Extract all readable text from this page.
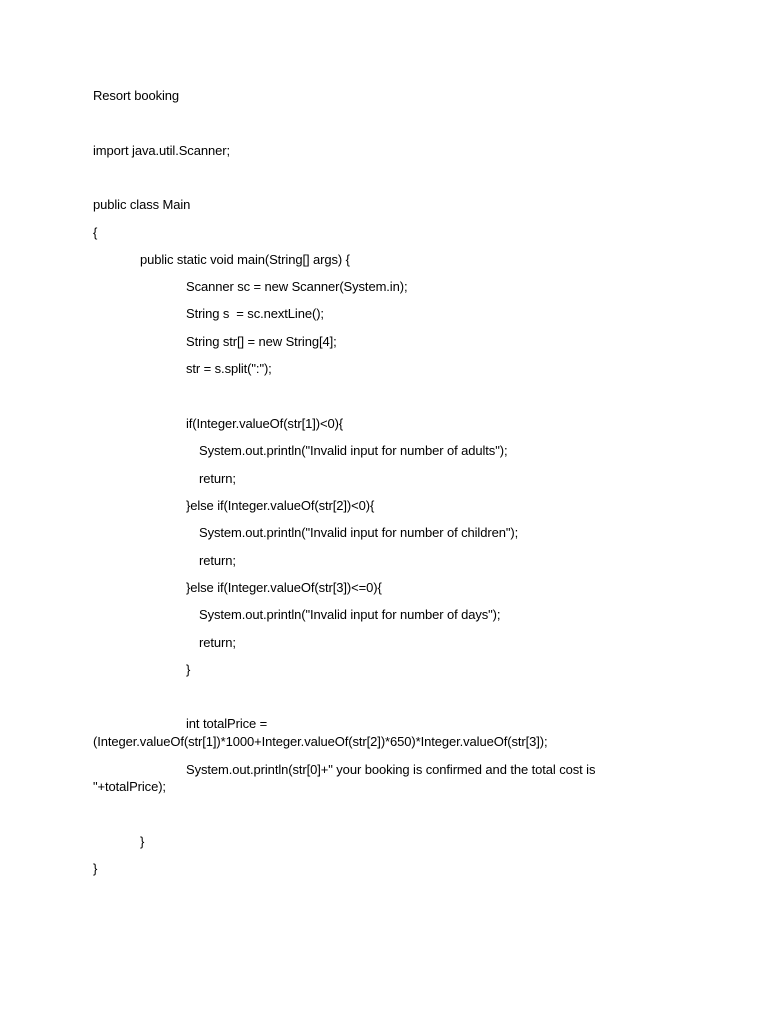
Resort booking

import java.util.Scanner;

public class Main

{

public static void main(String[] args) {

Scanner sc = new Scanner(System.in);

String s  = sc.nextLine();

String str[] = new String[4];

str = s.split(":");

if(Integer.valueOf(str[1])<0){

System.out.println("Invalid input for number of adults");

return;

}else if(Integer.valueOf(str[2])<0){

System.out.println("Invalid input for number of children");

return;

}else if(Integer.valueOf(str[3])<=0){

System.out.println("Invalid input for number of days");

return;

}

int totalPrice =

(Integer.valueOf(str[1])*1000+Integer.valueOf(str[2])*650)*Integer.valueOf(str[3]);

System.out.println(str[0]+" your booking is confirmed and the total cost is

"+totalPrice);

}

}
